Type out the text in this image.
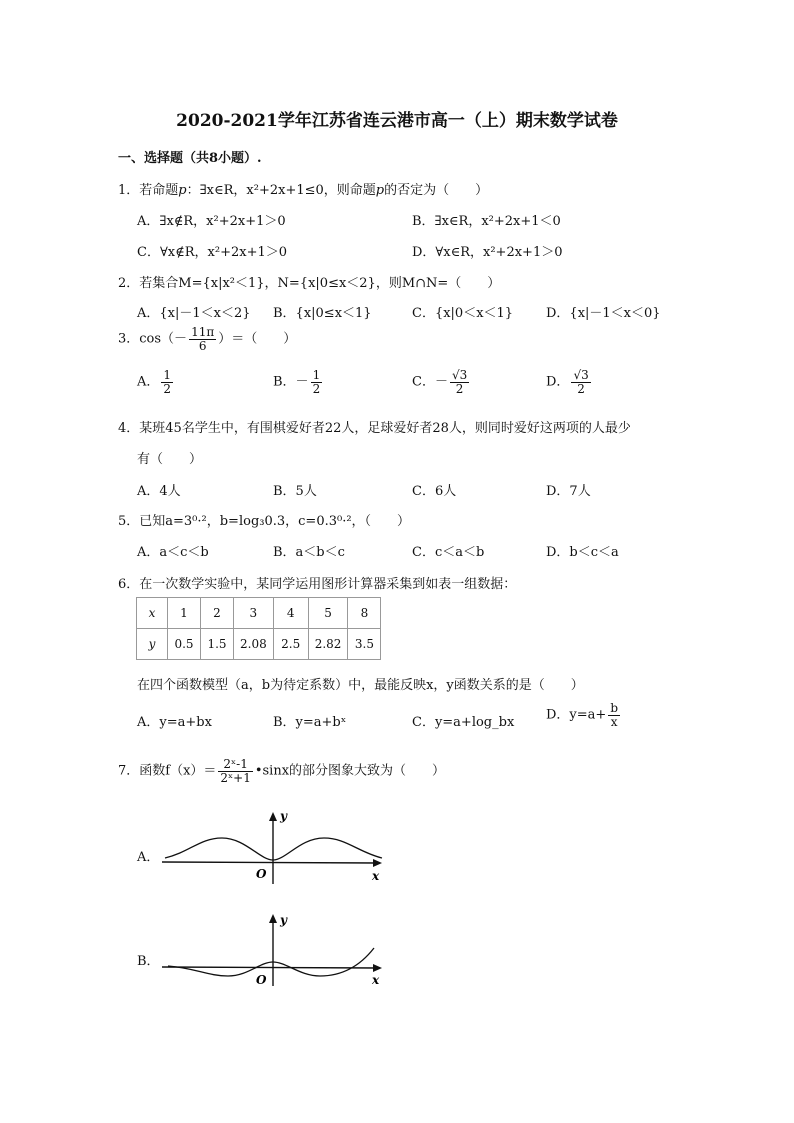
2020-2021学年江苏省连云港市高一（上）期末数学试卷
一、选择题（共8小题）.
1．若命题p：∃x∈R，x²+2x+1≤0，则命题p的否定为（　　）
A．∃x∉R，x²+2x+1＞0	B．∃x∈R，x²+2x+1＜0
C．∀x∉R，x²+2x+1＞0	D．∀x∈R，x²+2x+1＞0
2．若集合M={x|x²＜1}，N={x|0≤x＜2}，则M∩N=（　　）
A．{x|－1＜x＜2} B．{x|0≤x＜1}	C．{x|0＜x＜1}	D．{x|－1＜x＜0}
3．$\cos(- \frac{11\pi}{6}$ ）＝（　　）
A． $\frac{1}{2}$	B．－ $\frac{1}{2}$	C．－ $\frac{√3}{2}$	D． $\frac{√3}{2}$
4．某班45名学生中，有围棋爱好者22人，足球爱好者28人，则同时爱好这两项的人最少
有（　　）
A．4人	B．5人	C．6人	D．7人
5．已知a=3⁰·²，b=log₃0.3，c=0.3⁰·²，（　　）
A．a＜c＜b	B．a＜b＜c	C．c＜a＜b	D．b＜c＜a
6．在一次数学实验中，某同学运用图形计算器采集到如表一组数据：
x	1	2	3	4	5	8
y	0.5	1.5	2.08	2.5	2.82	3.5
在四个函数模型（a，b为待定系数）中，最能反映x，y函数关系的是（　　）
A．y=a+bx	B．y=a+bˣ	C．y=a+log_bx D．$y=a+ \frac{b}{x}$
7．函数$f(x)= \frac{\text{2ˣ-1}}{\text{2ˣ+1}}$ •sinx的部分图象大致为（　　）
A．
y
O	x
B．
y
O	x
